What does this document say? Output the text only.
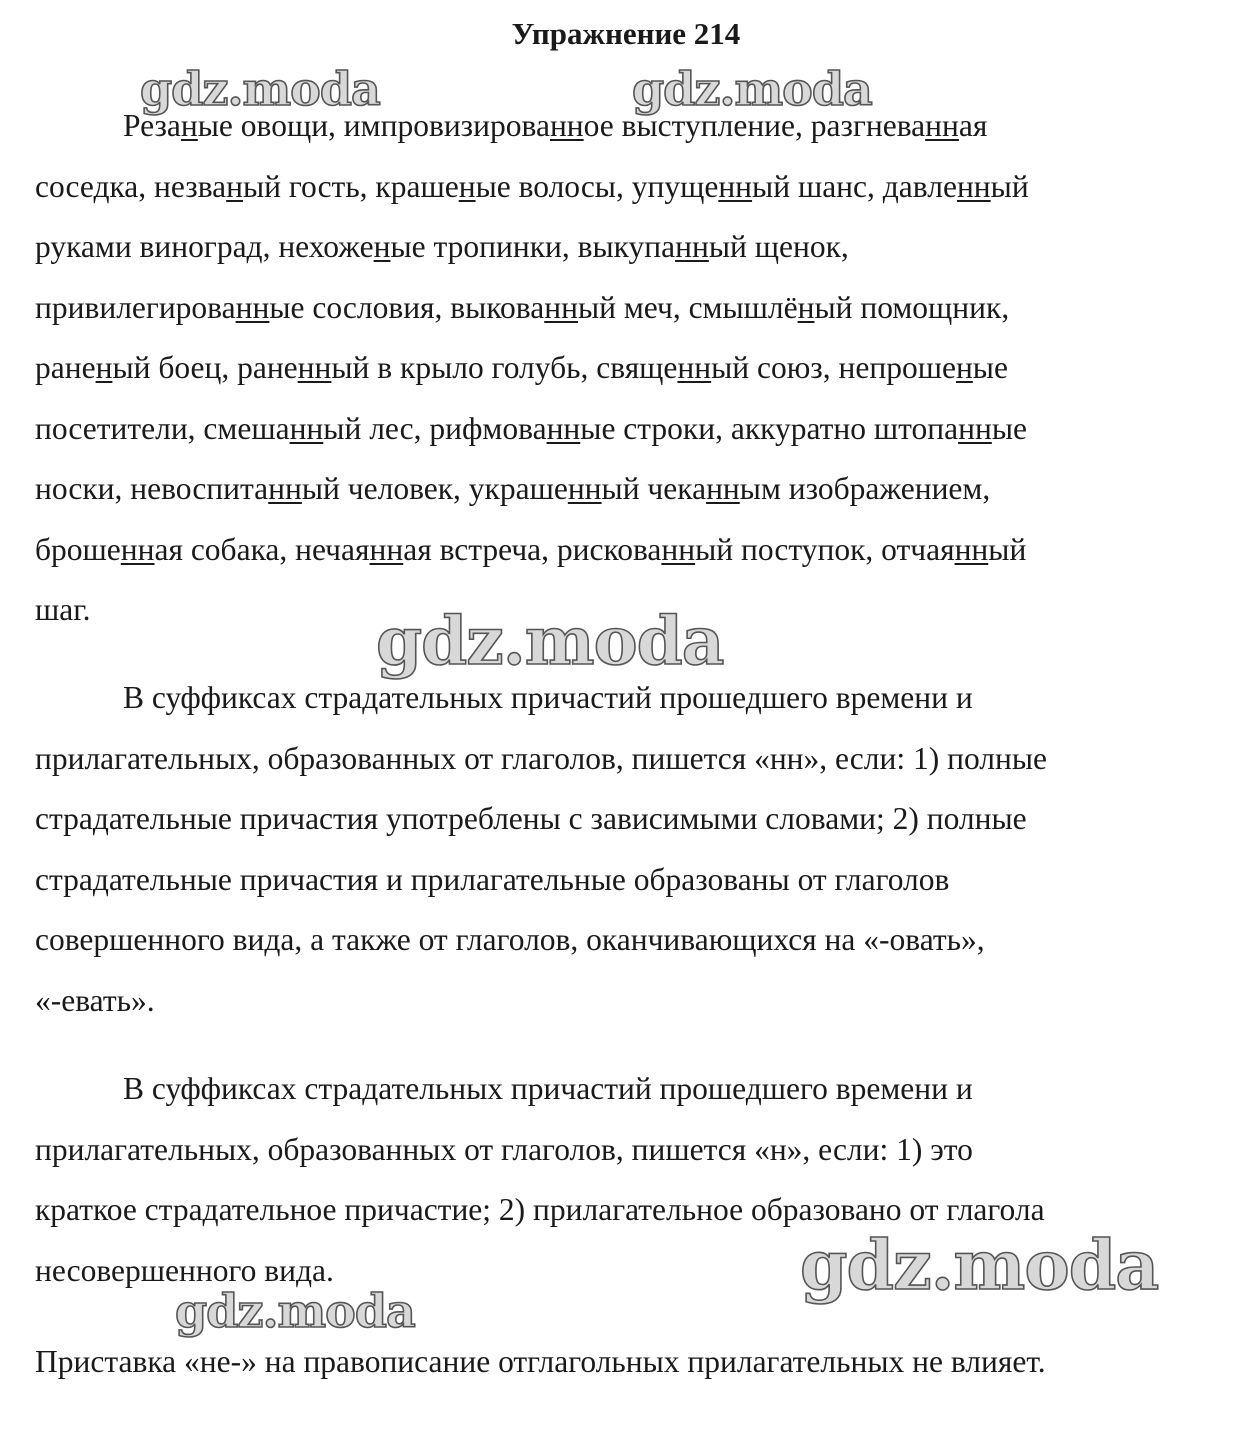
Упражнение 214
Резаные овощи, импровизированное выступление, разгневанная
соседка, незваный гость, крашеные волосы, упущенный шанс, давленный
руками виноград, нехоженые тропинки, выкупанный щенок,
привилегированные сословия, выкованный меч, смышлёный помощник,
раненый боец, раненный в крыло голубь, священный союз, непрошеные
посетители, смешанный лес, рифмованные строки, аккуратно штопанные
носки, невоспитанный человек, украшенный чеканным изображением,
брошенная собака, нечаянная встреча, рискованный поступок, отчаянный
шаг.
В суффиксах страдательных причастий прошедшего времени и
прилагательных, образованных от глаголов, пишется «нн», если: 1) полные
страдательные причастия употреблены с зависимыми словами; 2) полные
страдательные причастия и прилагательные образованы от глаголов
совершенного вида, а также от глаголов, оканчивающихся на «-овать»,
«-евать».
В суффиксах страдательных причастий прошедшего времени и
прилагательных, образованных от глаголов, пишется «н», если: 1) это
краткое страдательное причастие; 2) прилагательное образовано от глагола
несовершенного вида.
Приставка «не-» на правописание отглагольных прилагательных не влияет.
gdz.moda	gdz.moda
gdz.moda
gdz.moda
gdz.moda
